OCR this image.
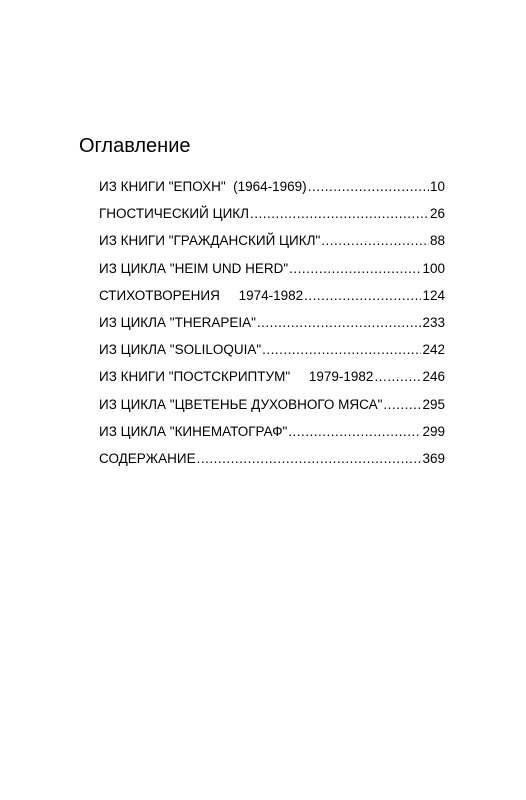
Оглавление
ИЗ КНИГИ "ЕПОХН"  (1964-1969) .....	10
ГНОСТИЧЕСКИЙ ЦИКЛ .....	26
ИЗ КНИГИ "ГРАЖДАНСКИЙ ЦИКЛ" .....	88
ИЗ ЦИКЛА "HEIM UND HERD" .....	100
СТИХОТВОРЕНИЯ     1974-1982 .....	124
ИЗ ЦИКЛА "THERAPEIA" .....	233
ИЗ ЦИКЛА "SOLILOQUIA" .....	242
ИЗ КНИГИ "ПОСТСКРИПТУМ"     1979-1982 .....	246
ИЗ ЦИКЛА "ЦВЕТЕНЬЕ ДУХОВНОГО МЯСА" .....	295
ИЗ ЦИКЛА "КИНЕМАТОГРАФ" .....	299
СОДЕРЖАНИЕ .....	369
